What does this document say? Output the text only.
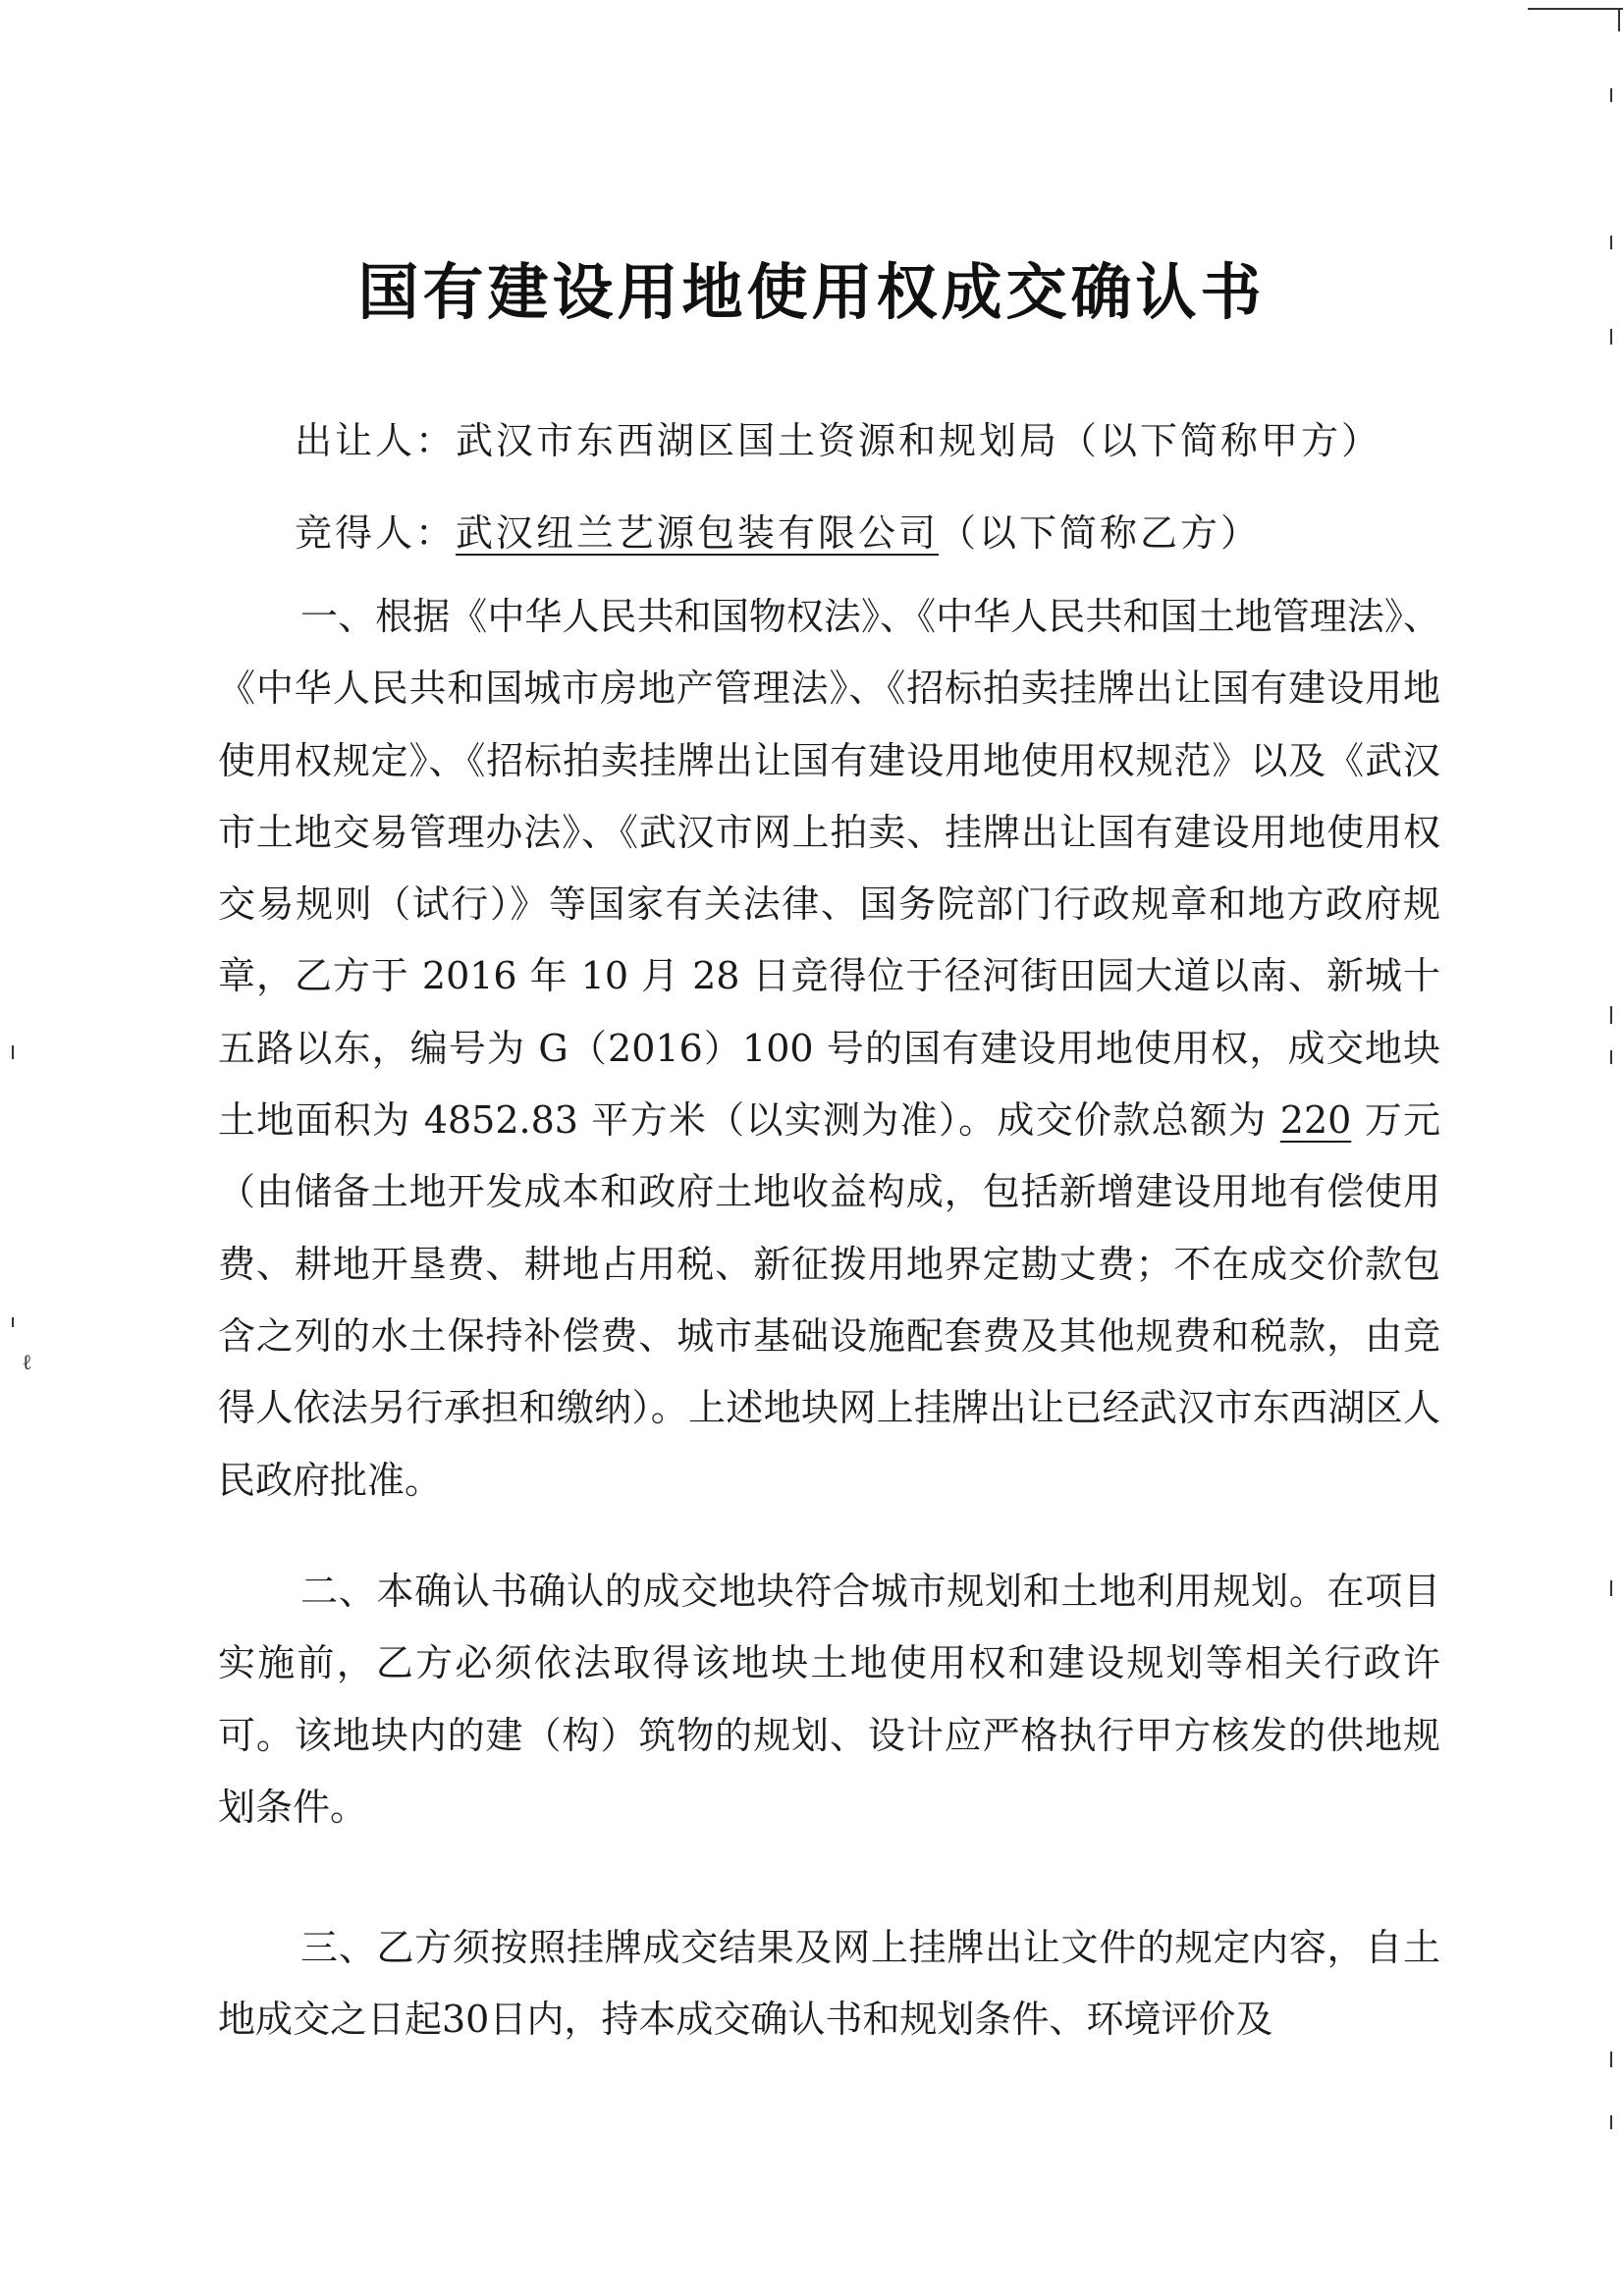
ℓ
国有建设用地使用权成交确认书
出让人：武汉市东西湖区国土资源和规划局（以下简称甲方）
竞得人：武汉纽兰艺源包装有限公司（以下简称乙方）
一、根据《中华人民共和国物权法》、《中华人民共和国土地管理法》、《中华人民共和国城市房地产管理法》、《招标拍卖挂牌出让国有建设用地使用权规定》、《招标拍卖挂牌出让国有建设用地使用权规范》以及《武汉市土地交易管理办法》、《武汉市网上拍卖、挂牌出让国有建设用地使用权交易规则（试行）》等国家有关法律、国务院部门行政规章和地方政府规章，乙方于 2016 年 10 月 28 日竞得位于径河街田园大道以南、新城十五路以东，编号为 G（2016）100 号的国有建设用地使用权，成交地块土地面积为 4852.83 平方米（以实测为准）。成交价款总额为 220 万元（由储备土地开发成本和政府土地收益构成，包括新增建设用地有偿使用费、耕地开垦费、耕地占用税、新征拨用地界定勘丈费；不在成交价款包含之列的水土保持补偿费、城市基础设施配套费及其他规费和税款，由竞得人依法另行承担和缴纳）。上述地块网上挂牌出让已经武汉市东西湖区人民政府批准。
二、本确认书确认的成交地块符合城市规划和土地利用规划。在项目实施前，乙方必须依法取得该地块土地使用权和建设规划等相关行政许可。该地块内的建（构）筑物的规划、设计应严格执行甲方核发的供地规划条件。
三、乙方须按照挂牌成交结果及网上挂牌出让文件的规定内容，自土地成交之日起30日内，持本成交确认书和规划条件、环境评价及
